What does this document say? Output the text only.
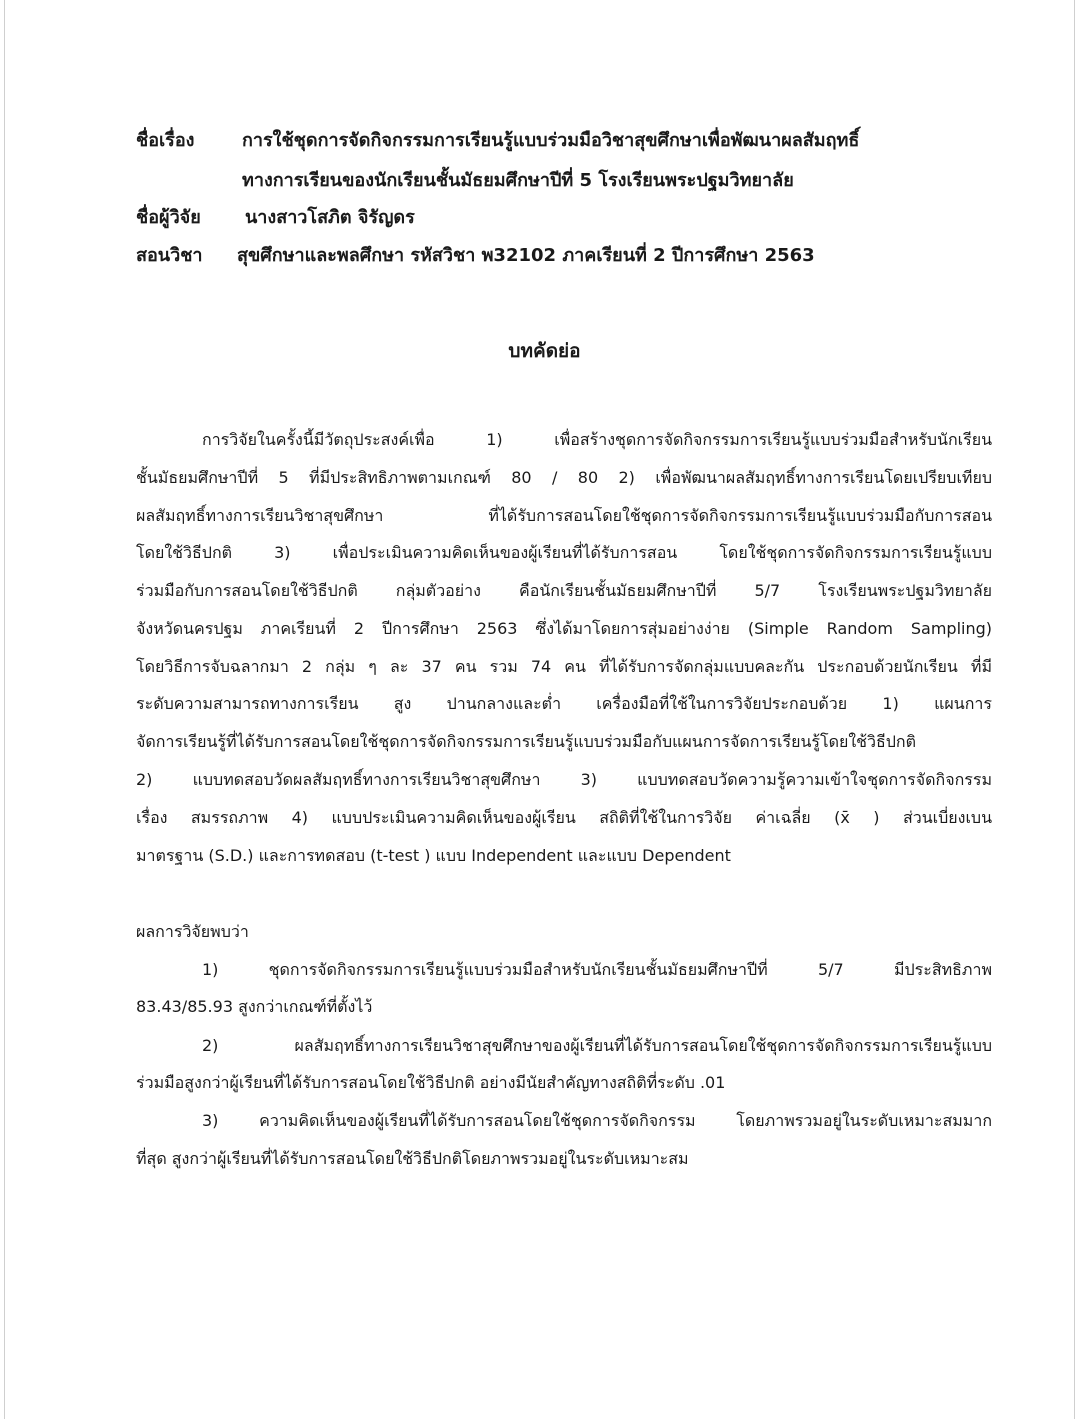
ชื่อเรื่อง	การใช้ชุดการจัดกิจกรรมการเรียนรู้แบบร่วมมือวิชาสุขศึกษาเพื่อพัฒนาผลสัมฤทธิ์
ทางการเรียนของนักเรียนชั้นมัธยมศึกษาปีที่ 5 โรงเรียนพระปฐมวิทยาลัย
ชื่อผู้วิจัย นางสาวโสภิต จิรัญดร
สอนวิชา สุขศึกษาและพลศึกษา รหัสวิชา พ32102 ภาคเรียนที่ 2 ปีการศึกษา 2563
บทคัดย่อ
การวิจัยในครั้งนี้มีวัตถุประสงค์เพื่อ 1) เพื่อสร้างชุดการจัดกิจกรรมการเรียนรู้แบบร่วมมือสำหรับนักเรียน
ชั้นมัธยมศึกษาปีที่ 5 ที่มีประสิทธิภาพตามเกณฑ์ 80 / 80 2) เพื่อพัฒนาผลสัมฤทธิ์ทางการเรียนโดยเปรียบเทียบ
ผลสัมฤทธิ์ทางการเรียนวิชาสุขศึกษา ที่ได้รับการสอนโดยใช้ชุดการจัดกิจกรรมการเรียนรู้แบบร่วมมือกับการสอน
โดยใช้วิธีปกติ 3) เพื่อประเมินความคิดเห็นของผู้เรียนที่ได้รับการสอน โดยใช้ชุดการจัดกิจกรรมการเรียนรู้แบบ
ร่วมมือกับการสอนโดยใช้วิธีปกติ กลุ่มตัวอย่าง คือนักเรียนชั้นมัธยมศึกษาปีที่ 5/7 โรงเรียนพระปฐมวิทยาลัย
จังหวัดนครปฐม ภาคเรียนที่ 2 ปีการศึกษา 2563 ซึ่งได้มาโดยการสุ่มอย่างง่าย (Simple Random Sampling)
โดยวิธีการจับฉลากมา 2 กลุ่ม ๆ ละ 37 คน รวม 74 คน ที่ได้รับการจัดกลุ่มแบบคละกัน ประกอบด้วยนักเรียน ที่มี
ระดับความสามารถทางการเรียน สูง ปานกลางและต่ำ เครื่องมือที่ใช้ในการวิจัยประกอบด้วย 1) แผนการ
จัดการเรียนรู้ที่ได้รับการสอนโดยใช้ชุดการจัดกิจกรรมการเรียนรู้แบบร่วมมือกับแผนการจัดการเรียนรู้โดยใช้วิธีปกติ
2) แบบทดสอบวัดผลสัมฤทธิ์ทางการเรียนวิชาสุขศึกษา 3) แบบทดสอบวัดความรู้ความเข้าใจชุดการจัดกิจกรรม
เรื่อง สมรรถภาพ 4) แบบประเมินความคิดเห็นของผู้เรียน สถิติที่ใช้ในการวิจัย ค่าเฉลี่ย (x̄ ) ส่วนเบี่ยงเบน
มาตรฐาน (S.D.) และการทดสอบ (t-test ) แบบ Independent และแบบ Dependent
ผลการวิจัยพบว่า
1) ชุดการจัดกิจกรรมการเรียนรู้แบบร่วมมือสำหรับนักเรียนชั้นมัธยมศึกษาปีที่ 5/7 มีประสิทธิภาพ
83.43/85.93 สูงกว่าเกณฑ์ที่ตั้งไว้
2) ผลสัมฤทธิ์ทางการเรียนวิชาสุขศึกษาของผู้เรียนที่ได้รับการสอนโดยใช้ชุดการจัดกิจกรรมการเรียนรู้แบบ
ร่วมมือสูงกว่าผู้เรียนที่ได้รับการสอนโดยใช้วิธีปกติ อย่างมีนัยสำคัญทางสถิติที่ระดับ .01
3) ความคิดเห็นของผู้เรียนที่ได้รับการสอนโดยใช้ชุดการจัดกิจกรรม โดยภาพรวมอยู่ในระดับเหมาะสมมาก
ที่สุด สูงกว่าผู้เรียนที่ได้รับการสอนโดยใช้วิธีปกติโดยภาพรวมอยู่ในระดับเหมาะสม
